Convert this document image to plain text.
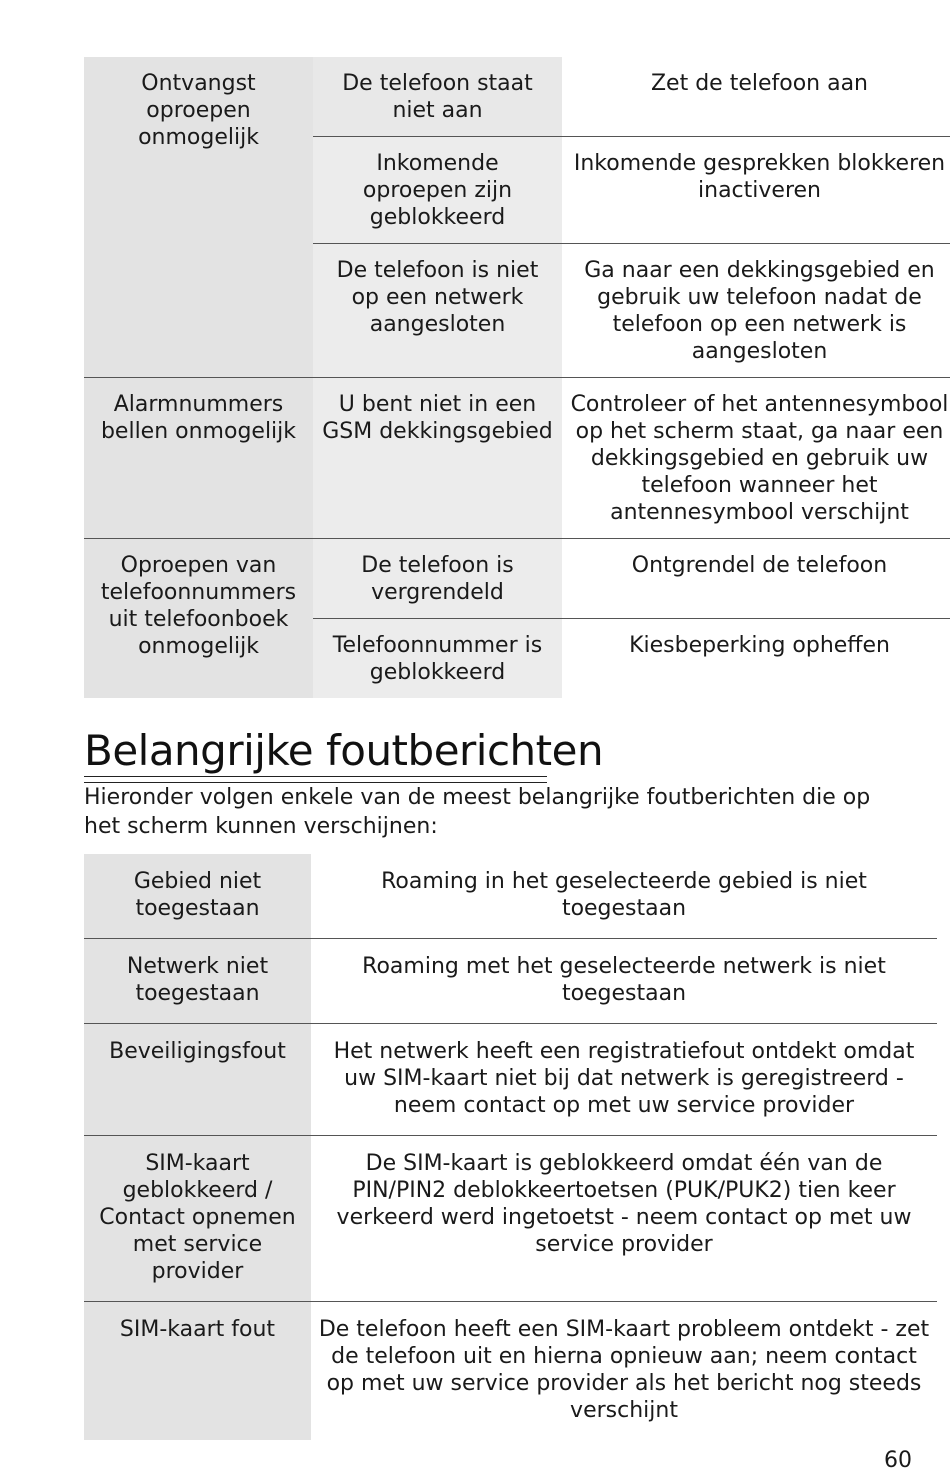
Ontvangst oproepen onmogelijk	De telefoon staat niet aan	Zet de telefoon aan
	Inkomende oproepen zijn geblokkeerd	Inkomende gesprekken blokkeren inactiveren
	De telefoon is niet op een netwerk aangesloten	Ga naar een dekkingsgebied en gebruik uw telefoon nadat de telefoon op een netwerk is aangesloten
Alarmnummers bellen onmogelijk	U bent niet in een GSM dekkingsgebied	Controleer of het antennesymbool op het scherm staat, ga naar een dekkingsgebied en gebruik uw telefoon wanneer het antennesymbool verschijnt
Oproepen van telefoonnummers uit telefoonboek onmogelijk	De telefoon is vergrendeld	Ontgrendel de telefoon
	Telefoonnummer is geblokkeerd	Kiesbeperking opheffen
Belangrijke foutberichten

Hieronder volgen enkele van de meest belangrijke foutberichten die op het scherm kunnen verschijnen:

Gebied niet toegestaan	Roaming in het geselecteerde gebied is niet toegestaan
Netwerk niet toegestaan	Roaming met het geselecteerde netwerk is niet toegestaan
Beveiligingsfout	Het netwerk heeft een registratiefout ontdekt omdat uw SIM-kaart niet bij dat netwerk is geregistreerd - neem contact op met uw service provider
SIM-kaart geblokkeerd / Contact opnemen met service provider	De SIM-kaart is geblokkeerd omdat één van de PIN/PIN2 deblokkeertoetsen (PUK/PUK2) tien keer verkeerd werd ingetoetst - neem contact op met uw service provider
SIM-kaart fout	De telefoon heeft een SIM-kaart probleem ontdekt - zet de telefoon uit en hierna opnieuw aan; neem contact op met uw service provider als het bericht nog steeds verschijnt
60
